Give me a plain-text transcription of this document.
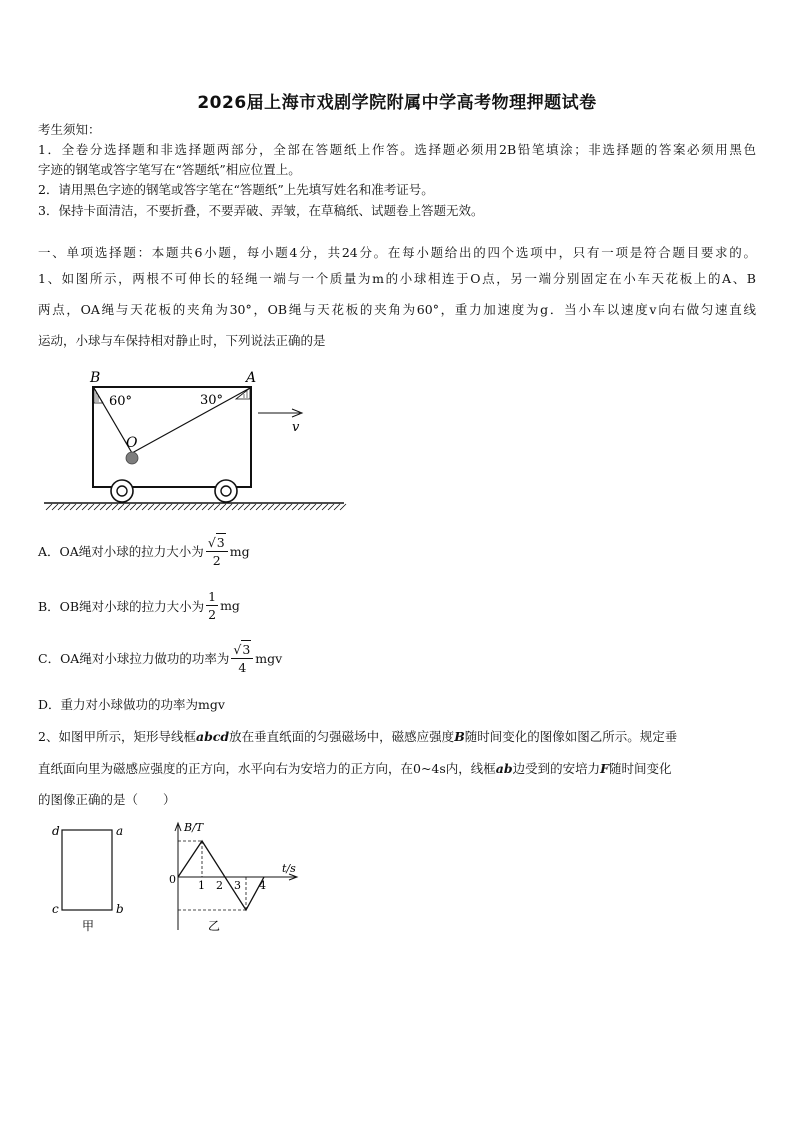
2026届上海市戏剧学院附属中学高考物理押题试卷
考生须知：
1．全卷分选择题和非选择题两部分，全部在答题纸上作答。选择题必须用2B铅笔填涂；非选择题的答案必须用黑色
字迹的钢笔或答字笔写在“答题纸”相应位置上。
2．请用黑色字迹的钢笔或答字笔在“答题纸”上先填写姓名和准考证号。
3．保持卡面清洁，不要折叠，不要弄破、弄皱，在草稿纸、试题卷上答题无效。
一、单项选择题：本题共6小题，每小题4分，共24分。在每小题给出的四个选项中，只有一项是符合题目要求的。
1、如图所示，两根不可伸长的轻绳一端与一个质量为m的小球相连于O点，另一端分别固定在小车天花板上的A、B
两点，OA绳与天花板的夹角为30°，OB绳与天花板的夹角为60°，重力加速度为g．当小车以速度v向右做匀速直线
运动，小球与车保持相对静止时，下列说法正确的是
B	A
O
60°	30°
v
A．OA绳对小球的拉力大小为 $\frac{√ 3}{2}$ mg
B．OB绳对小球的拉力大小为 $\frac{1}{2}$ mg
C．OA绳对小球拉力做功的功率为 $\frac{√ 3}{4}$ mgv
D．重力对小球做功的功率为mgv
2、如图甲所示，矩形导线框abcd放在垂直纸面的匀强磁场中，磁感应强度B随时间变化的图像如图乙所示。规定垂
直纸面向里为磁感应强度的正方向，水平向右为安培力的正方向，在0~4s内，线框ab边受到的安培力F随时间变化
的图像正确的是（　　）
d	a
c	b
甲
B/T
t/s
0 1 2 3 4
乙
